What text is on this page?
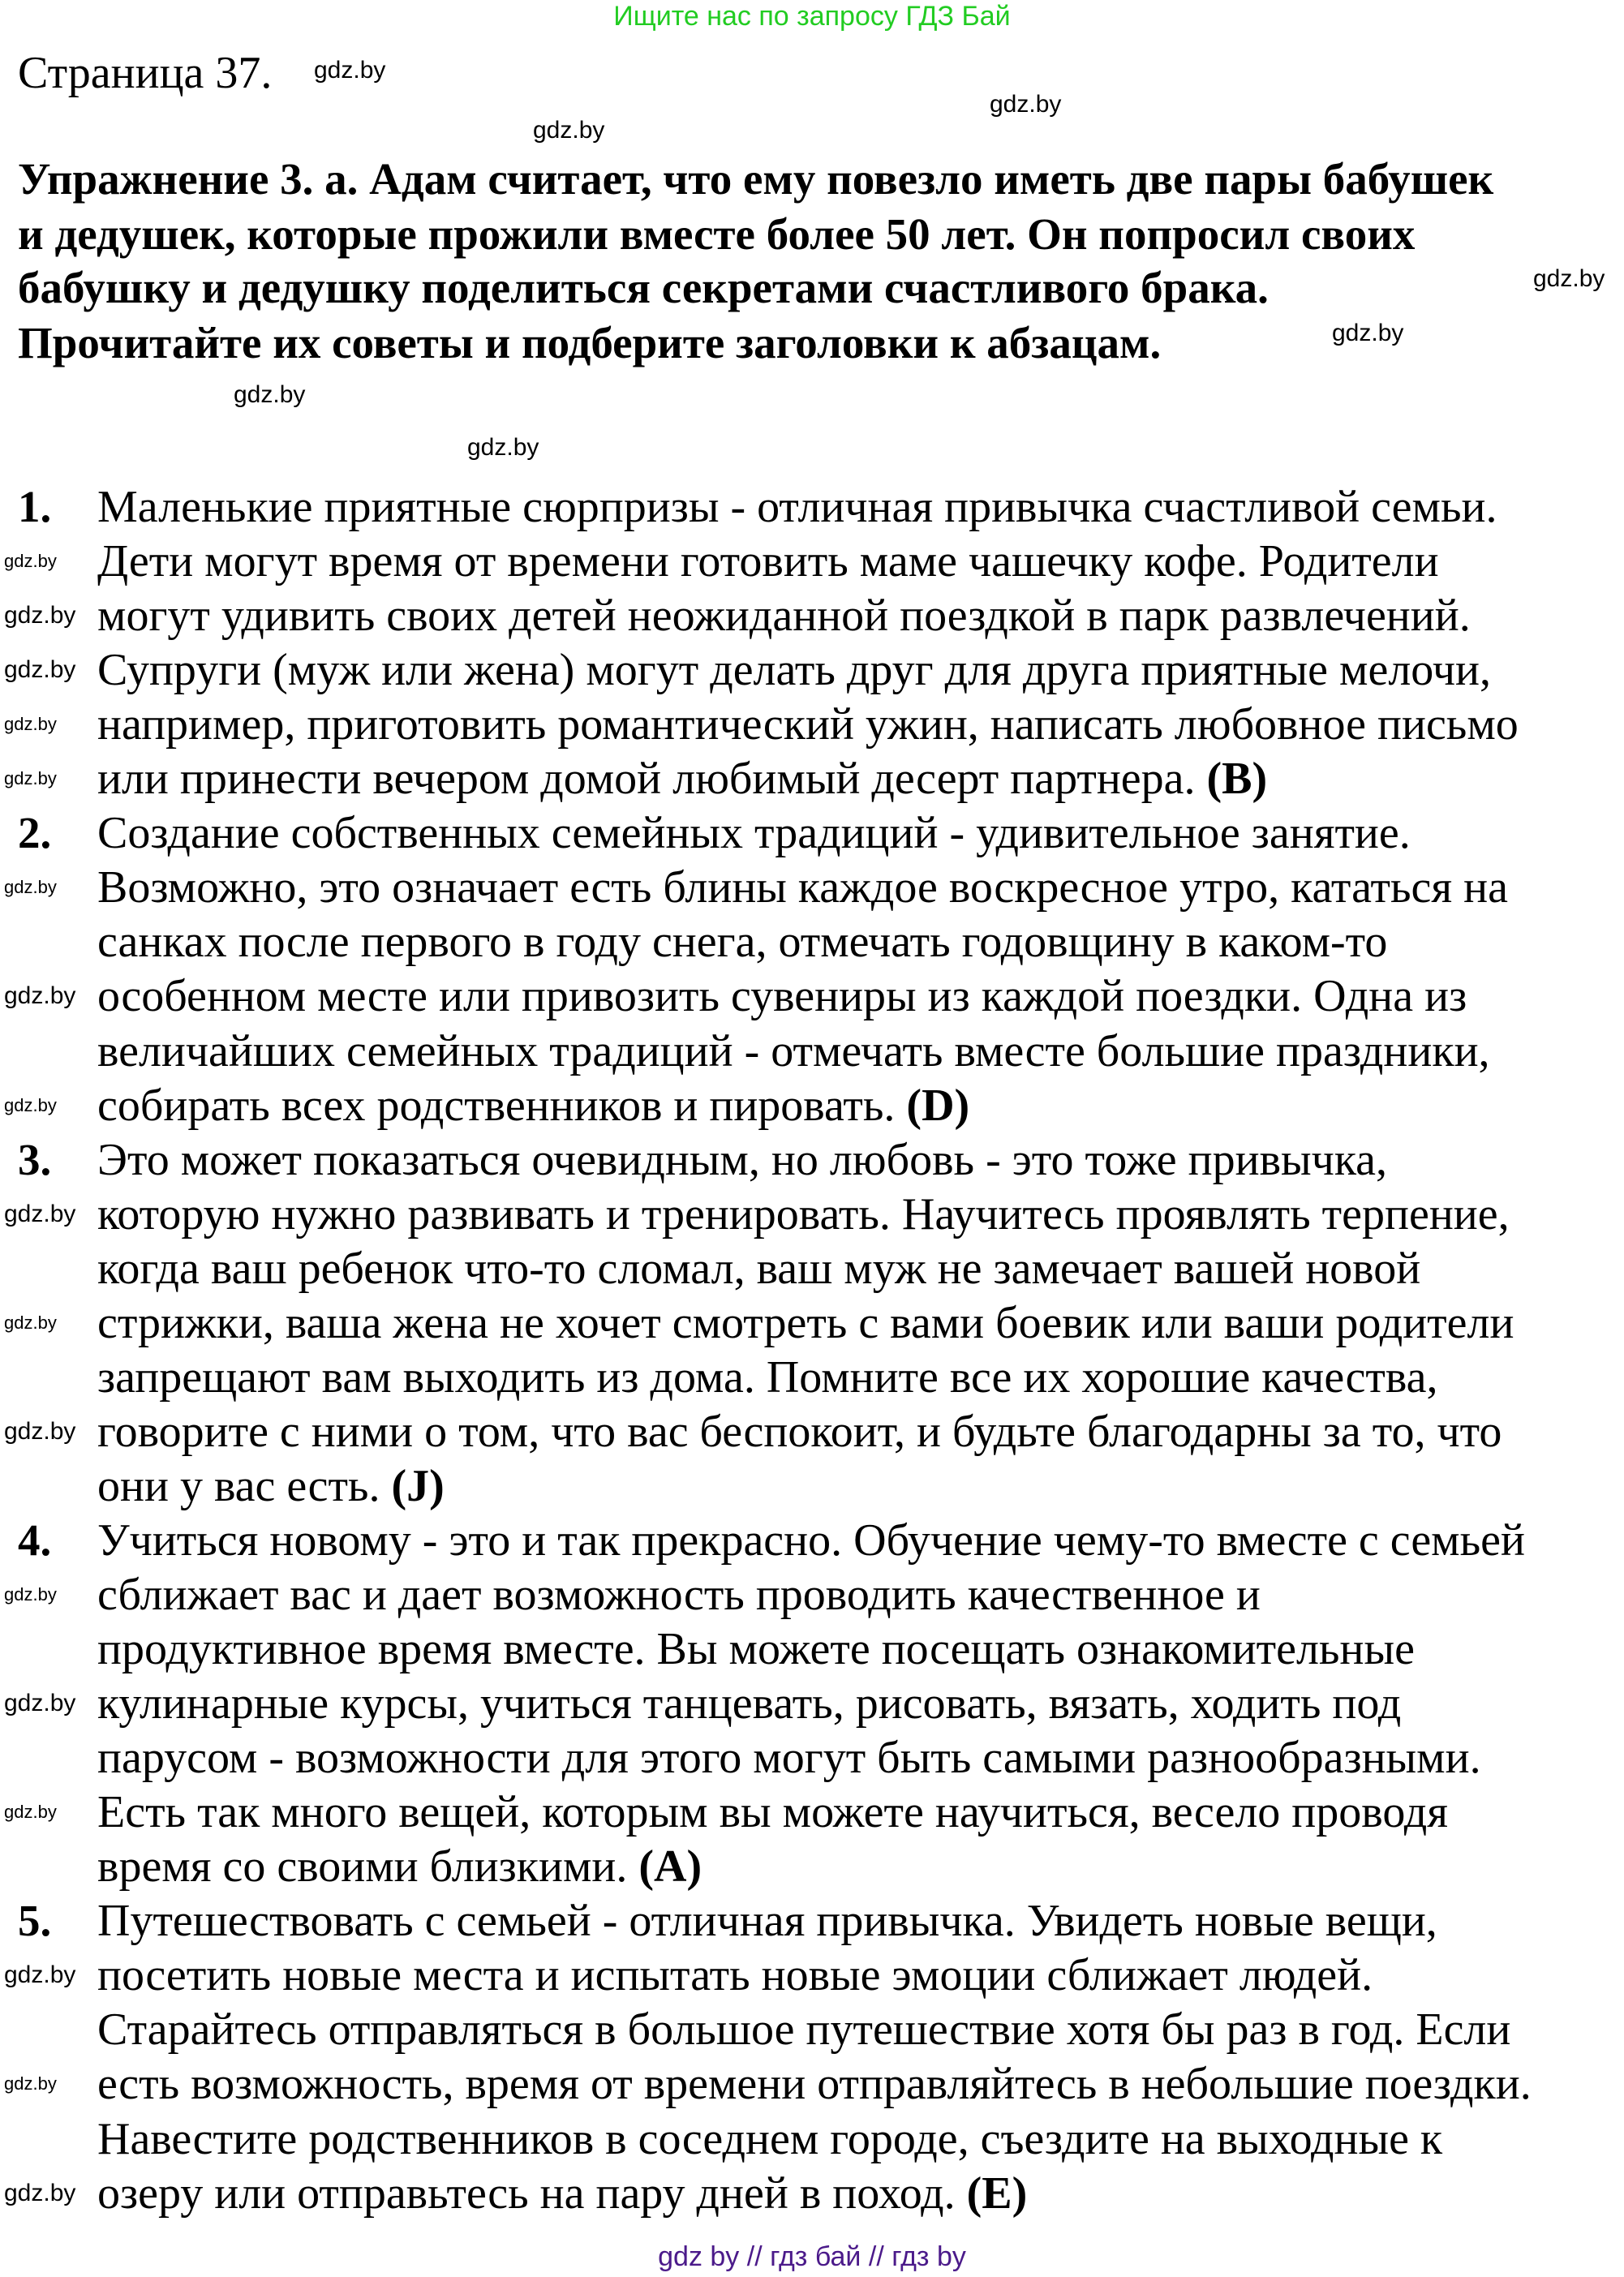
Ищите нас по запросу ГДЗ Бай
Страница 37.
Упражнение 3. а. Адам считает, что ему повезло иметь две пары бабушек
и дедушек, которые прожили вместе более 50 лет. Он попросил своих
бабушку и дедушку поделиться секретами счастливого брака.
Прочитайте их советы и подберите заголовки к абзацам.
1. Маленькие приятные сюрпризы - отличная привычка счастливой семьи.
Дети могут время от времени готовить маме чашечку кофе. Родители
могут удивить своих детей неожиданной поездкой в парк развлечений.
Супруги (муж или жена) могут делать друг для друга приятные мелочи,
например, приготовить романтический ужин, написать любовное письмо
или принести вечером домой любимый десерт партнера. (B)
2. Создание собственных семейных традиций - удивительное занятие.
Возможно, это означает есть блины каждое воскресное утро, кататься на
санках после первого в году снега, отмечать годовщину в каком-то
особенном месте или привозить сувениры из каждой поездки. Одна из
величайших семейных традиций - отмечать вместе большие праздники,
собирать всех родственников и пировать. (D)
3. Это может показаться очевидным, но любовь - это тоже привычка,
которую нужно развивать и тренировать. Научитесь проявлять терпение,
когда ваш ребенок что-то сломал, ваш муж не замечает вашей новой
стрижки, ваша жена не хочет смотреть с вами боевик или ваши родители
запрещают вам выходить из дома. Помните все их хорошие качества,
говорите с ними о том, что вас беспокоит, и будьте благодарны за то, что
они у вас есть. (J)
4. Учиться новому - это и так прекрасно. Обучение чему-то вместе с семьей
сближает вас и дает возможность проводить качественное и
продуктивное время вместе. Вы можете посещать ознакомительные
кулинарные курсы, учиться танцевать, рисовать, вязать, ходить под
парусом - возможности для этого могут быть самыми разнообразными.
Есть так много вещей, которым вы можете научиться, весело проводя
время со своими близкими. (A)
5. Путешествовать с семьей - отличная привычка. Увидеть новые вещи,
посетить новые места и испытать новые эмоции сближает людей.
Старайтесь отправляться в большое путешествие хотя бы раз в год. Если
есть возможность, время от времени отправляйтесь в небольшие поездки.
Навестите родственников в соседнем городе, съездите на выходные к
озеру или отправьтесь на пару дней в поход. (E)
gdz.by
gdz.by
gdz.by
gdz.by
gdz.by
gdz.by
gdz.by
gdz.by
gdz.by
gdz.by
gdz.by
gdz.by
gdz.by
gdz.by
gdz.by
gdz.by
gdz.by
gdz.by
gdz.by
gdz.by
gdz.by
gdz.by
gdz.by
gdz.by
gdz by // гдз бай // гдз by
